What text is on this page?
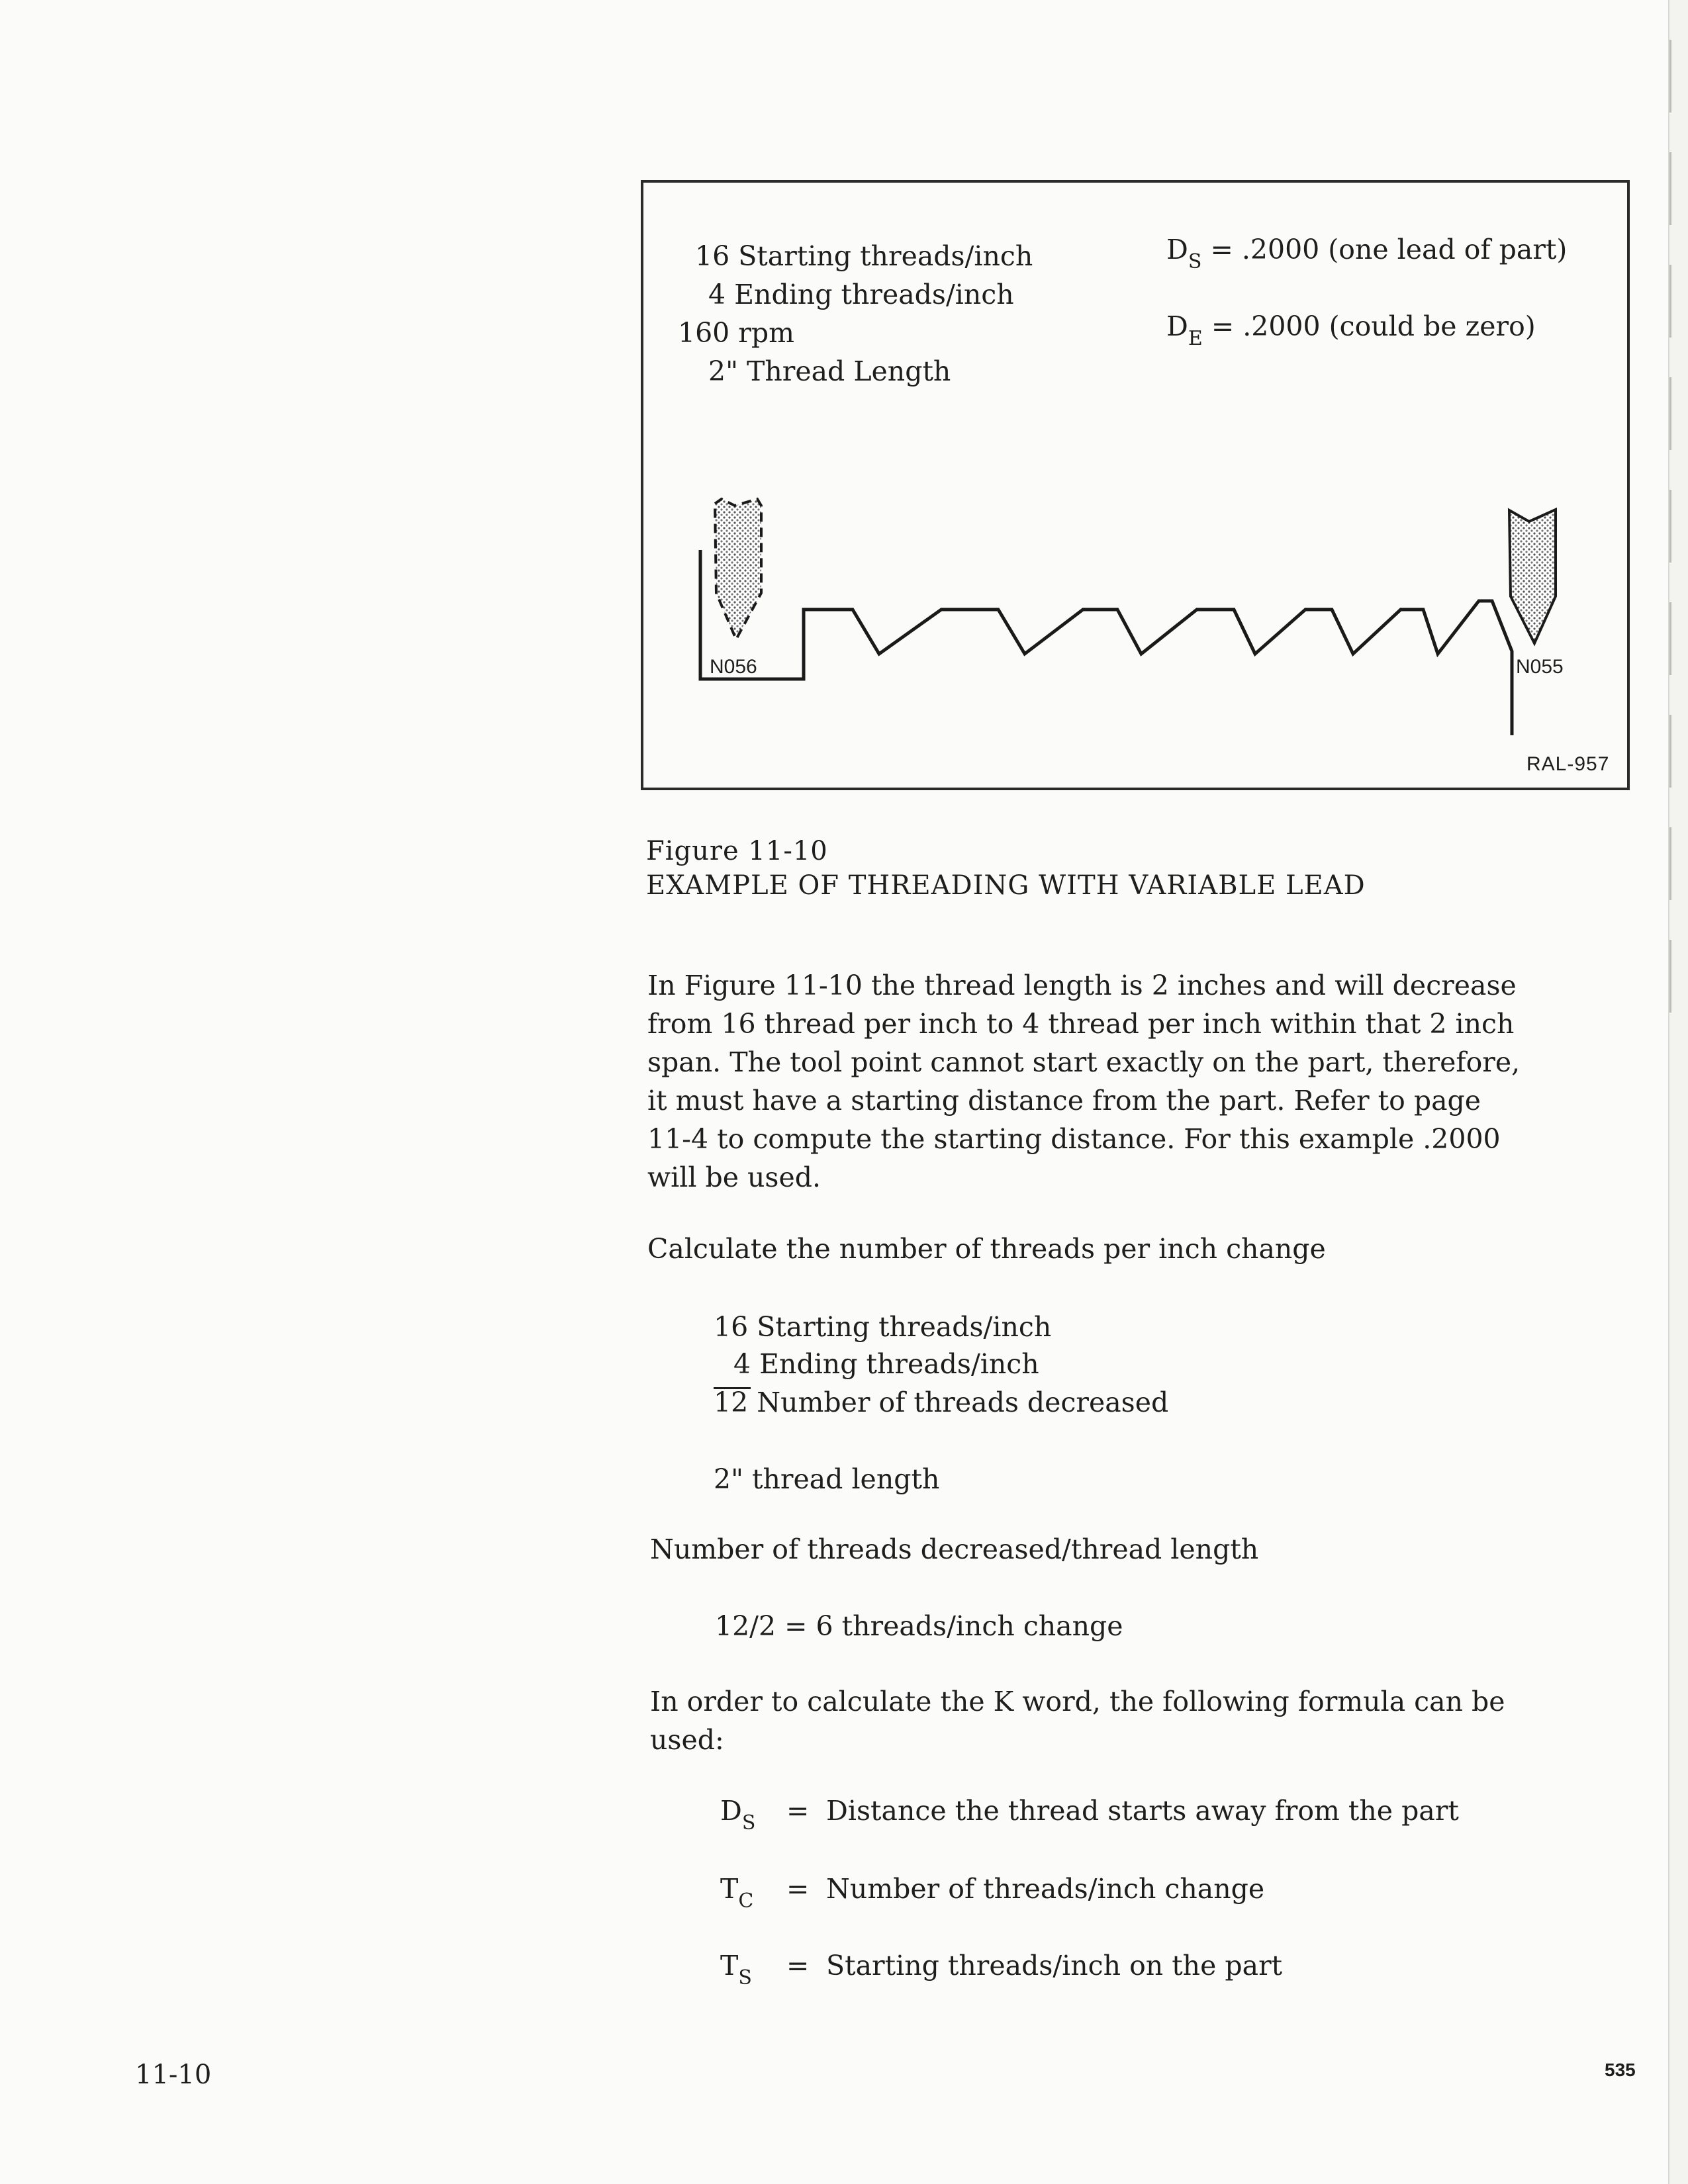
16 Starting threads/inch
4 Ending threads/inch
160 rpm
2" Thread Length
$D_S = .2000$ (one lead of part)
$D_E = .2000$ (could be zero)
N056	N055
RAL-957
Figure 11-10
EXAMPLE OF THREADING WITH VARIABLE LEAD
In Figure 11-10 the thread length is 2 inches and will decrease
from 16 thread per inch to 4 thread per inch within that 2 inch
span. The tool point cannot start exactly on the part, therefore,
it must have a starting distance from the part. Refer to page
11-4 to compute the starting distance. For this example .2000
will be used.
Calculate the number of threads per inch change
16 Starting threads/inch
4 Ending threads/inch
12 Number of threads decreased
2" thread length
Number of threads decreased/thread length
12/2 = 6 threads/inch change
In order to calculate the K word, the following formula can be
used:
$D_S$ = Distance the thread starts away from the part
$T_C$ = Number of threads/inch change
$T_S$ = Starting threads/inch on the part
11-10	535
